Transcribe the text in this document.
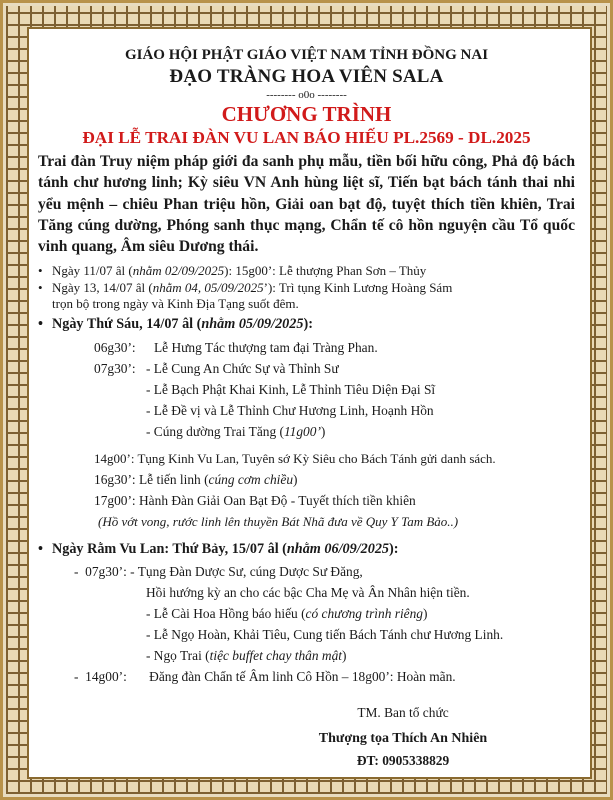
GIÁO HỘI PHẬT GIÁO VIỆT NAM TỈNH ĐỒNG NAI
ĐẠO TRÀNG HOA VIÊN SALA
-------- o0o --------
CHƯƠNG TRÌNH
ĐẠI LỄ TRAI ĐÀN VU LAN BÁO HIẾU PL.2569 - DL.2025
Trai đàn Truy niệm pháp giới đa sanh phụ mẫu, tiền bối hữu công, Phả độ bách tánh chư hương linh; Kỳ siêu VN Anh hùng liệt sĩ, Tiến bạt bách tánh thai nhi yểu mệnh – chiêu Phan triệu hồn, Giải oan bạt độ, tuyệt thích tiền khiên, Trai Tăng cúng dường, Phóng sanh thục mạng, Chẩn tế cô hồn nguyện cầu Tổ quốc vinh quang, Âm siêu Dương thái.
• Ngày 11/07 âl (nhằm 02/09/2025): 15g00’: Lễ thượng Phan Sơn – Thủy
• Ngày 13, 14/07 âl (nhằm 04, 05/09/2025’): Trì tụng Kinh Lương Hoàng Sám
trọn bộ trong ngày và Kinh Địa Tạng suốt đêm.
• Ngày Thứ Sáu, 14/07 âl (nhằm 05/09/2025):
06g30’: Lễ Hưng Tác thượng tam đại Tràng Phan.
07g30’: - Lễ Cung An Chức Sự và Thỉnh Sư
- Lễ Bạch Phật Khai Kinh, Lễ Thỉnh Tiêu Diện Đại Sĩ
- Lễ Đề vị và Lễ Thỉnh Chư Hương Linh, Hoạnh Hồn
- Cúng dường Trai Tăng (11g00’)
14g00’: Tụng Kinh Vu Lan, Tuyên sớ Kỳ Siêu cho Bách Tánh gửi danh sách.
16g30’: Lễ tiến linh (cúng cơm chiều)
17g00’: Hành Đàn Giải Oan Bạt Độ - Tuyết thích tiền khiên
(Hồ vớt vong, rước linh lên thuyền Bát Nhã đưa về Quy Y Tam Bảo..)
• Ngày Rằm Vu Lan: Thứ Bảy, 15/07 âl (nhằm 06/09/2025):
-  07g30’: - Tụng Đàn Dược Sư, cúng Dược Sư Đăng,
Hồi hướng kỳ an cho các bậc Cha Mẹ và Ân Nhân hiện tiền.
- Lễ Cài Hoa Hồng báo hiếu (có chương trình riêng)
- Lễ Ngọ Hoàn, Khải Tiêu, Cung tiến Bách Tánh chư Hương Linh.
- Ngọ Trai (tiệc buffet chay thân mật)
-  14g00’: Đăng đàn Chẩn tế Âm linh Cô Hồn – 18g00’: Hoàn mãn.
TM. Ban tổ chức
Thượng tọa Thích An Nhiên
ĐT: 0905338829
